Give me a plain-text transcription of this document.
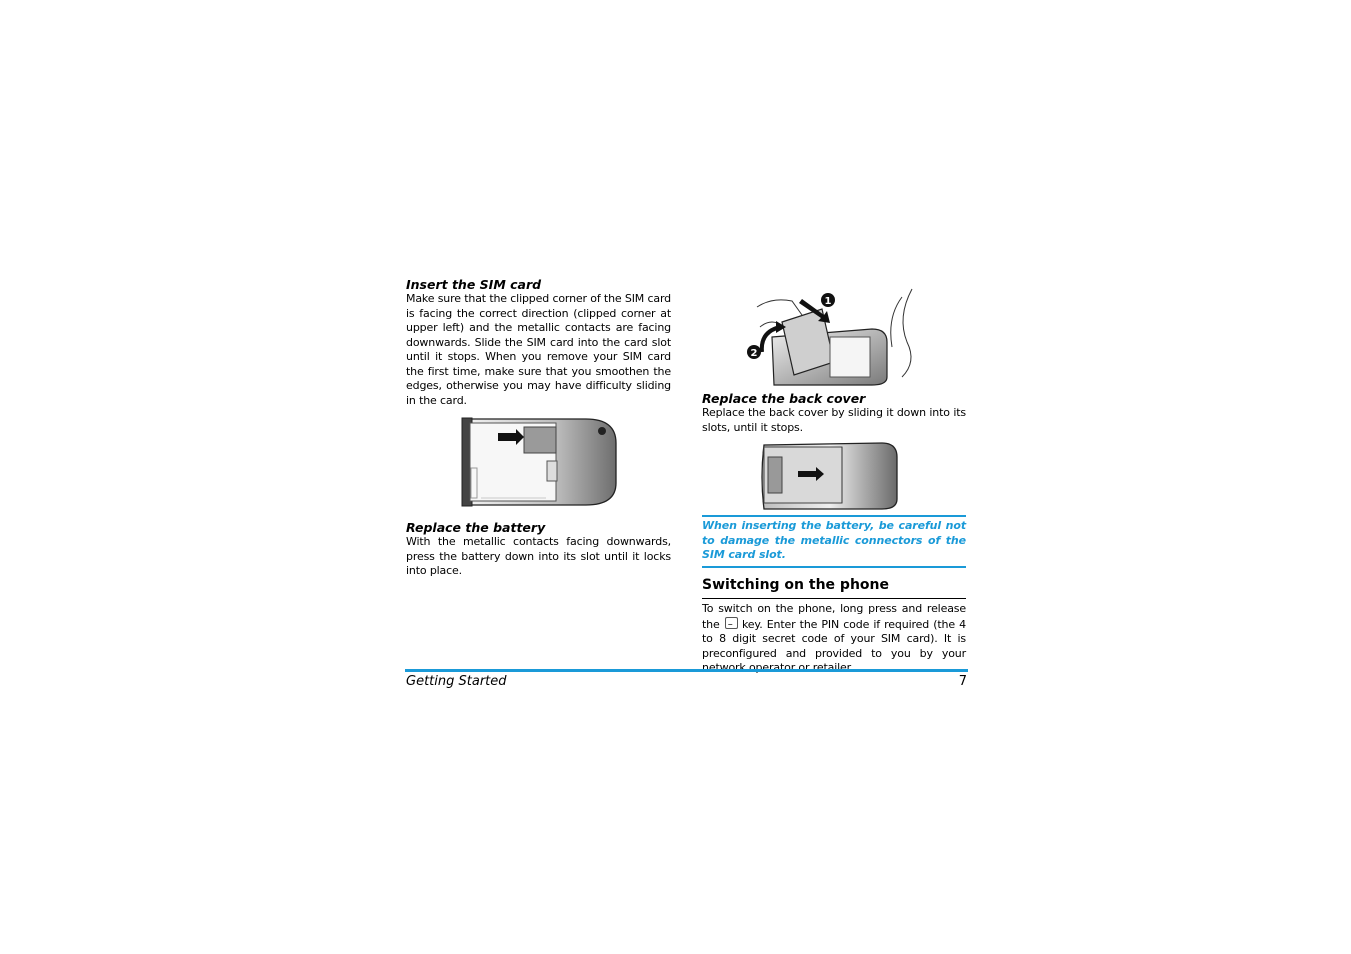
Insert the SIM card

Make sure that the clipped corner of the SIM card is facing the correct direction (clipped corner at upper left) and the metallic contacts are facing downwards. Slide the SIM card into the card slot until it stops. When you remove your SIM card the first time, make sure that you smoothen the edges, otherwise you may have difficulty sliding in the card.

Replace the battery

With the metallic contacts facing downwards, press the battery down into its slot until it locks into place.

1
2
Replace the back cover

Replace the back cover by sliding it down into its slots, until it stops.

When inserting the battery, be careful not to damage the metallic connectors of the SIM card slot.

Switching on the phone

To switch on the phone, long press and release the  key. Enter the PIN code if required (the 4 to 8 digit secret code of your SIM card). It is preconfigured and provided to you by your network operator or retailer.

Getting Started	7
